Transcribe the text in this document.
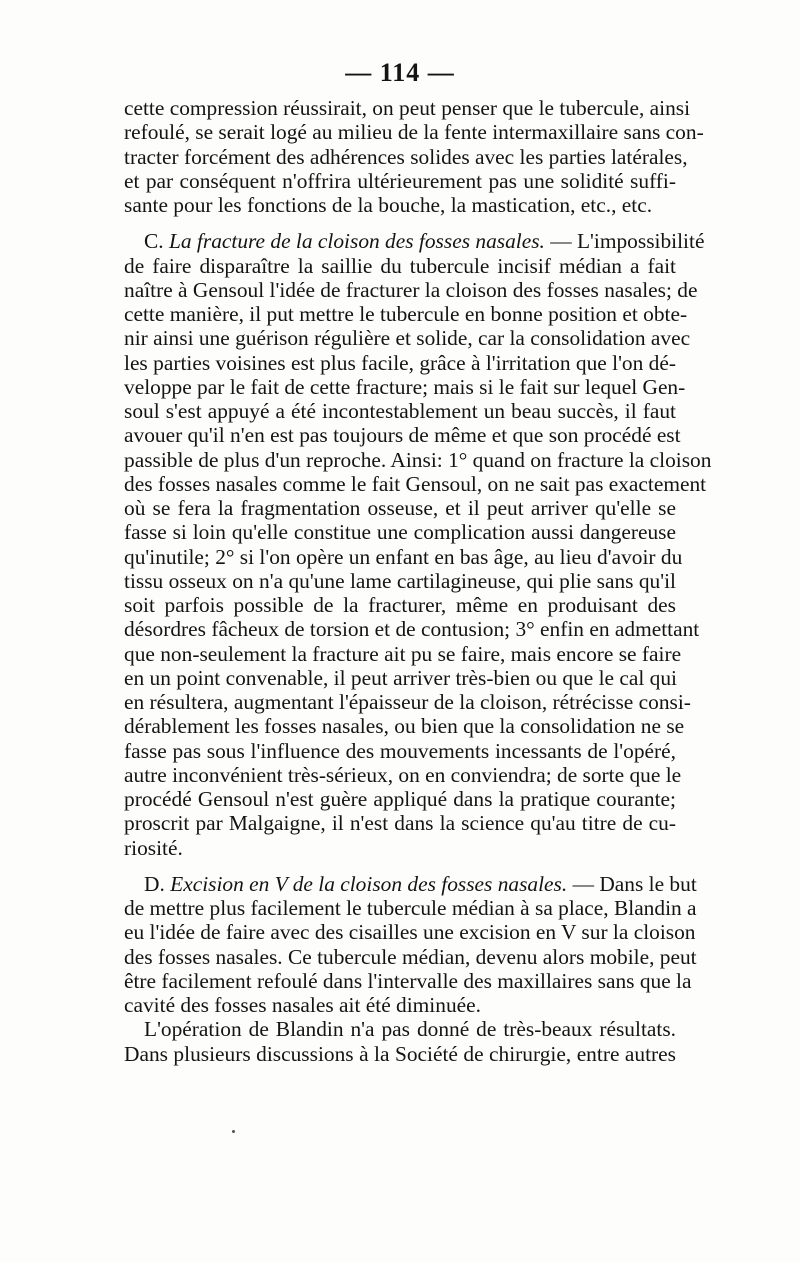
— 114 —
cette compression réussirait, on peut penser que le tubercule, ainsi
refoulé, se serait logé au milieu de la fente intermaxillaire sans con-
tracter forcément des adhérences solides avec les parties latérales,
et par conséquent n'offrira ultérieurement pas une solidité suffi-
sante pour les fonctions de la bouche, la mastication, etc., etc.
C. La fracture de la cloison des fosses nasales. — L'impossibilité
de faire disparaître la saillie du tubercule incisif médian a fait
naître à Gensoul l'idée de fracturer la cloison des fosses nasales; de
cette manière, il put mettre le tubercule en bonne position et obte-
nir ainsi une guérison régulière et solide, car la consolidation avec
les parties voisines est plus facile, grâce à l'irritation que l'on dé-
veloppe par le fait de cette fracture; mais si le fait sur lequel Gen-
soul s'est appuyé a été incontestablement un beau succès, il faut
avouer qu'il n'en est pas toujours de même et que son procédé est
passible de plus d'un reproche. Ainsi: 1° quand on fracture la cloison
des fosses nasales comme le fait Gensoul, on ne sait pas exactement
où se fera la fragmentation osseuse, et il peut arriver qu'elle se
fasse si loin qu'elle constitue une complication aussi dangereuse
qu'inutile; 2° si l'on opère un enfant en bas âge, au lieu d'avoir du
tissu osseux on n'a qu'une lame cartilagineuse, qui plie sans qu'il
soit parfois possible de la fracturer, même en produisant des
désordres fâcheux de torsion et de contusion; 3° enfin en admettant
que non-seulement la fracture ait pu se faire, mais encore se faire
en un point convenable, il peut arriver très-bien ou que le cal qui
en résultera, augmentant l'épaisseur de la cloison, rétrécisse consi-
dérablement les fosses nasales, ou bien que la consolidation ne se
fasse pas sous l'influence des mouvements incessants de l'opéré,
autre inconvénient très-sérieux, on en conviendra; de sorte que le
procédé Gensoul n'est guère appliqué dans la pratique courante;
proscrit par Malgaigne, il n'est dans la science qu'au titre de cu-
riosité.
D. Excision en V de la cloison des fosses nasales. — Dans le but
de mettre plus facilement le tubercule médian à sa place, Blandin a
eu l'idée de faire avec des cisailles une excision en V sur la cloison
des fosses nasales. Ce tubercule médian, devenu alors mobile, peut
être facilement refoulé dans l'intervalle des maxillaires sans que la
cavité des fosses nasales ait été diminuée.
L'opération de Blandin n'a pas donné de très-beaux résultats.
Dans plusieurs discussions à la Société de chirurgie, entre autres
